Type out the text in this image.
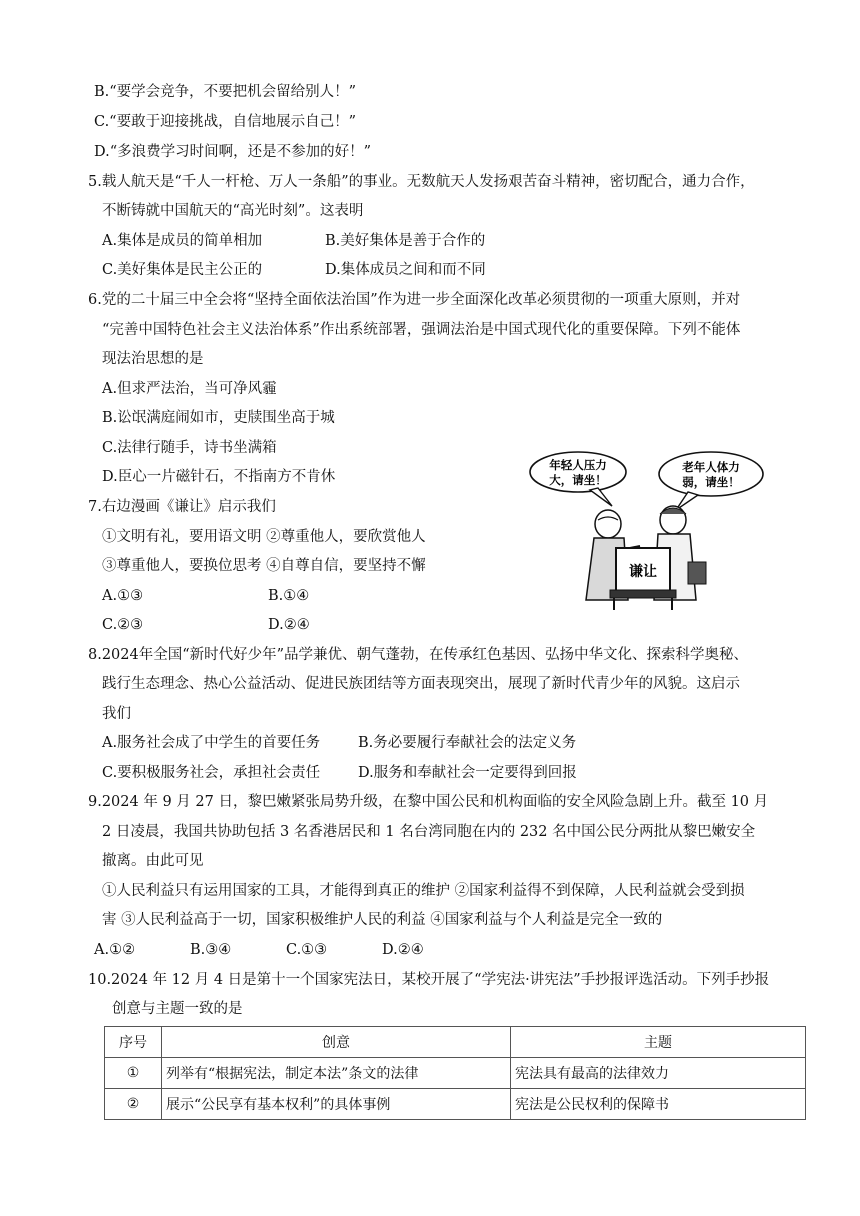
B.“要学会竞争，不要把机会留给别人！”
C.“要敢于迎接挑战，自信地展示自己！”
D.“多浪费学习时间啊，还是不参加的好！”
5.载人航天是“千人一杆枪、万人一条船”的事业。无数航天人发扬艰苦奋斗精神，密切配合，通力合作，
不断铸就中国航天的“高光时刻”。这表明
A.集体是成员的简单相加	B.美好集体是善于合作的
C.美好集体是民主公正的	D.集体成员之间和而不同
6.党的二十届三中全会将“坚持全面依法治国”作为进一步全面深化改革必须贯彻的一项重大原则，并对
“完善中国特色社会主义法治体系”作出系统部署，强调法治是中国式现代化的重要保障。下列不能体
现法治思想的是
A.但求严法治，当可净风霾
B.讼氓满庭闹如市，吏牍围坐高于城
C.法律行随手，诗书坐满箱
D.臣心一片磁针石，不指南方不肯休
7.右边漫画《谦让》启示我们
①文明有礼，要用语文明 ②尊重他人，要欣赏他人
③尊重他人，要换位思考 ④自尊自信，要坚持不懈
A.①③	B.①④
C.②③	D.②④
年轻人压力
大，请坐！
老年人体力
弱，请坐！
谦让
8.2024年全国“新时代好少年”品学兼优、朝气蓬勃，在传承红色基因、弘扬中华文化、探索科学奥秘、
践行生态理念、热心公益活动、促进民族团结等方面表现突出，展现了新时代青少年的风貌。这启示
我们
A.服务社会成了中学生的首要任务	B.务必要履行奉献社会的法定义务
C.要积极服务社会，承担社会责任	D.服务和奉献社会一定要得到回报
9.2024 年 9 月 27 日，黎巴嫩紧张局势升级，在黎中国公民和机构面临的安全风险急剧上升。截至 10 月
2 日凌晨，我国共协助包括 3 名香港居民和 1 名台湾同胞在内的 232 名中国公民分两批从黎巴嫩安全
撤离。由此可见
①人民利益只有运用国家的工具，才能得到真正的维护 ②国家利益得不到保障，人民利益就会受到损
害 ③人民利益高于一切，国家积极维护人民的利益 ④国家利益与个人利益是完全一致的
A.①②	B.③④	C.①③	D.②④
10.2024 年 12 月 4 日是第十一个国家宪法日，某校开展了“学宪法·讲宪法”手抄报评选活动。下列手抄报
创意与主题一致的是
序号	创意	主题
①	列举有“根据宪法，制定本法”条文的法律	宪法具有最高的法律效力
②	展示“公民享有基本权利”的具体事例	宪法是公民权利的保障书
